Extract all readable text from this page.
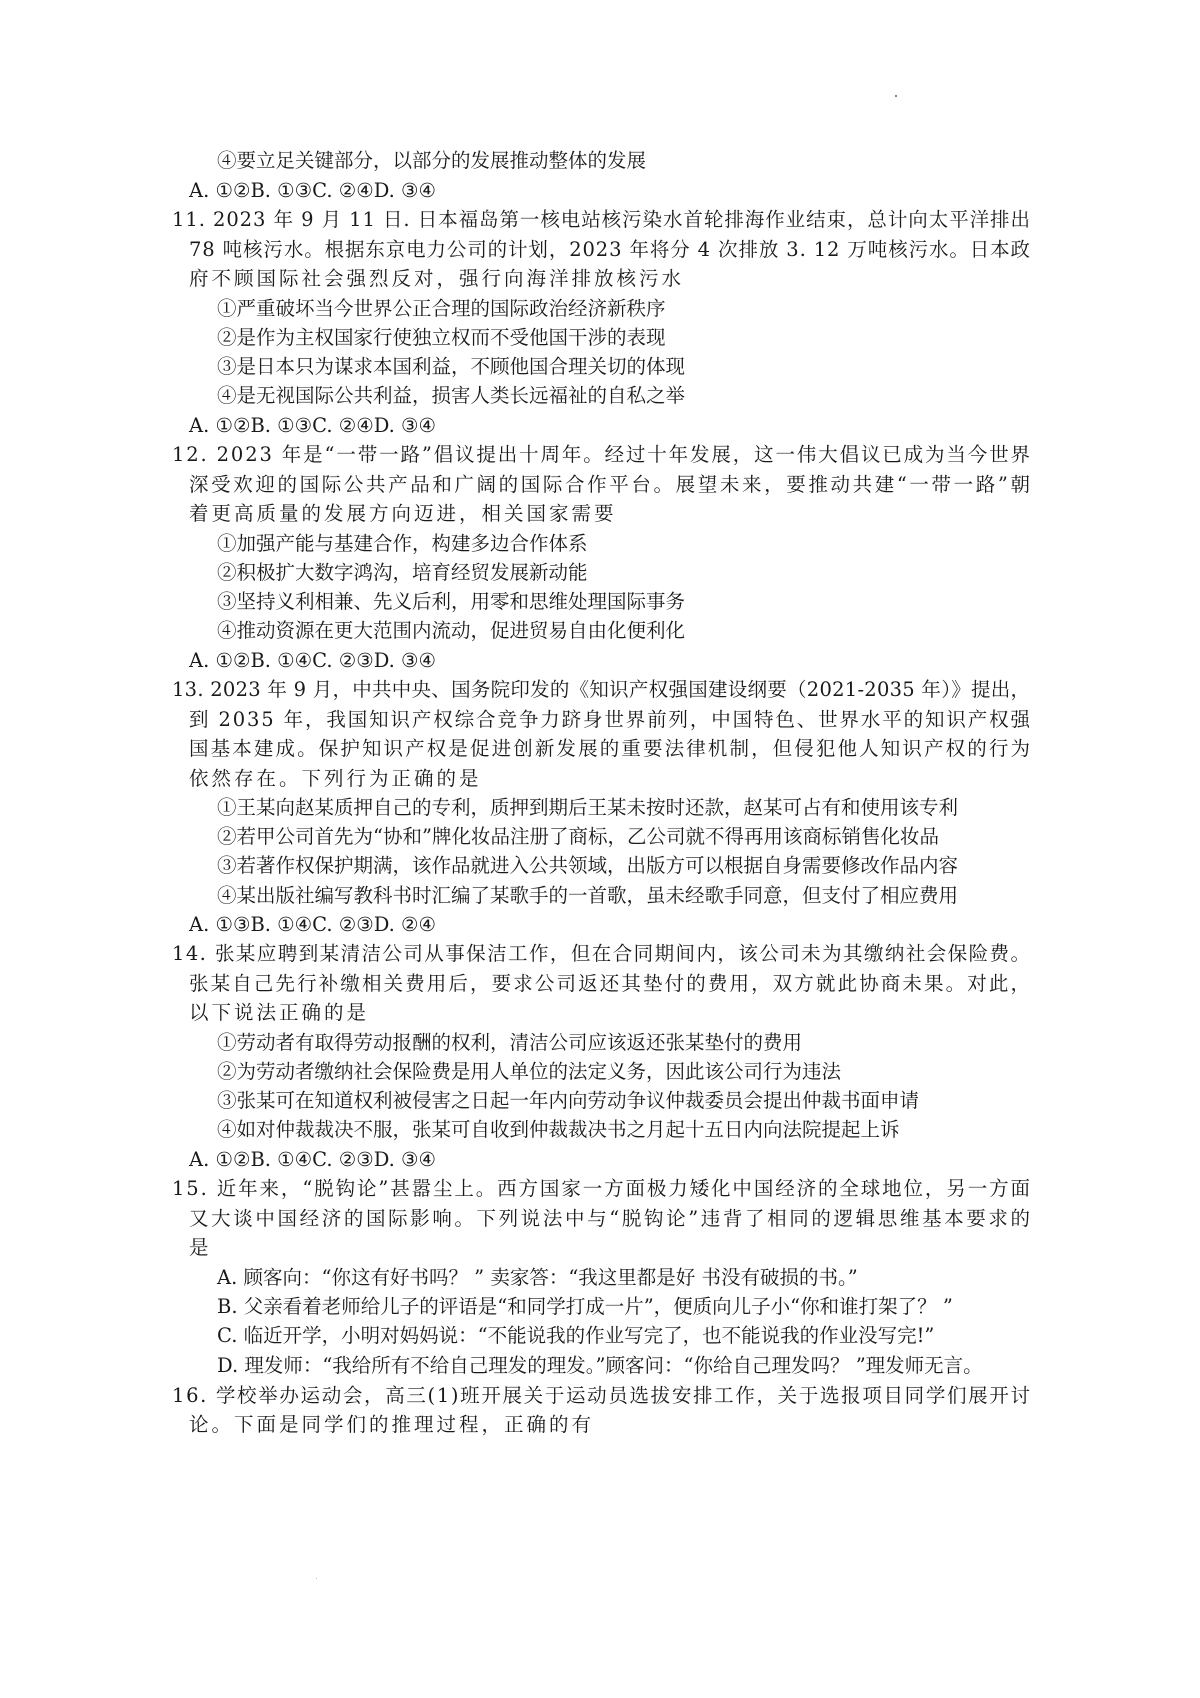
④要立足关键部分，以部分的发展推动整体的发展
A. ①②B. ①③C. ②④D. ③④
11. 2023 年 9 月 11 日. 日本福岛第一核电站核污染水首轮排海作业结束，总计向太平洋排出
78 吨核污水。根据东京电力公司的计划，2023 年将分 4 次排放 3. 12 万吨核污水。日本政
府不顾国际社会强烈反对，强行向海洋排放核污水
①严重破坏当今世界公正合理的国际政治经济新秩序
②是作为主权国家行使独立权而不受他国干涉的表现
③是日本只为谋求本国利益，不顾他国合理关切的体现
④是无视国际公共利益，损害人类长远福祉的自私之举
A. ①②B. ①③C. ②④D. ③④
12. 2023 年是“一带一路”倡议提出十周年。经过十年发展，这一伟大倡议已成为当今世界
深受欢迎的国际公共产品和广阔的国际合作平台。展望未来，要推动共建“一带一路”朝
着更高质量的发展方向迈进，相关国家需要
①加强产能与基建合作，构建多边合作体系
②积极扩大数字鸿沟，培育经贸发展新动能
③坚持义利相兼、先义后利，用零和思维处理国际事务
④推动资源在更大范围内流动，促进贸易自由化便利化
A. ①②B. ①④C. ②③D. ③④
13. 2023 年 9 月，中共中央、国务院印发的《知识产权强国建设纲要（2021-2035 年）》提出，
到 2035 年，我国知识产权综合竞争力跻身世界前列，中国特色、世界水平的知识产权强
国基本建成。保护知识产权是促进创新发展的重要法律机制，但侵犯他人知识产权的行为
依然存在。下列行为正确的是
①王某向赵某质押自己的专利，质押到期后王某未按时还款，赵某可占有和使用该专利
②若甲公司首先为“协和”牌化妆品注册了商标，乙公司就不得再用该商标销售化妆品
③若著作权保护期满，该作品就进入公共领域，出版方可以根据自身需要修改作品内容
④某出版社编写教科书时汇编了某歌手的一首歌，虽未经歌手同意，但支付了相应费用
A. ①③B. ①④C. ②③D. ②④
14. 张某应聘到某清洁公司从事保洁工作，但在合同期间内，该公司未为其缴纳社会保险费。
张某自己先行补缴相关费用后，要求公司返还其垫付的费用，双方就此协商未果。对此，
以下说法正确的是
①劳动者有取得劳动报酬的权利，清洁公司应该返还张某垫付的费用
②为劳动者缴纳社会保险费是用人单位的法定义务，因此该公司行为违法
③张某可在知道权利被侵害之日起一年内向劳动争议仲裁委员会提出仲裁书面申请
④如对仲裁裁决不服，张某可自收到仲裁裁决书之月起十五日内向法院提起上诉
A. ①②B. ①④C. ②③D. ③④
15. 近年来，“脱钩论”甚嚣尘上。西方国家一方面极力矮化中国经济的全球地位，另一方面
又大谈中国经济的国际影响。下列说法中与“脱钩论”违背了相同的逻辑思维基本要求的
是
A. 顾客向：“你这有好书吗？ ” 卖家答：“我这里都是好 书没有破损的书。”
B. 父亲看着老师给儿子的评语是“和同学打成一片”，便质向儿子小“你和谁打架了？ ”
C. 临近开学，小明对妈妈说：“不能说我的作业写完了，也不能说我的作业没写完!”
D. 理发师：“我给所有不给自己理发的理发。”顾客问：“你给自己理发吗？ ”理发师无言。
16. 学校举办运动会，高三(1)班开展关于运动员选拔安排工作，关于选报项目同学们展开讨
论。下面是同学们的推理过程，正确的有
